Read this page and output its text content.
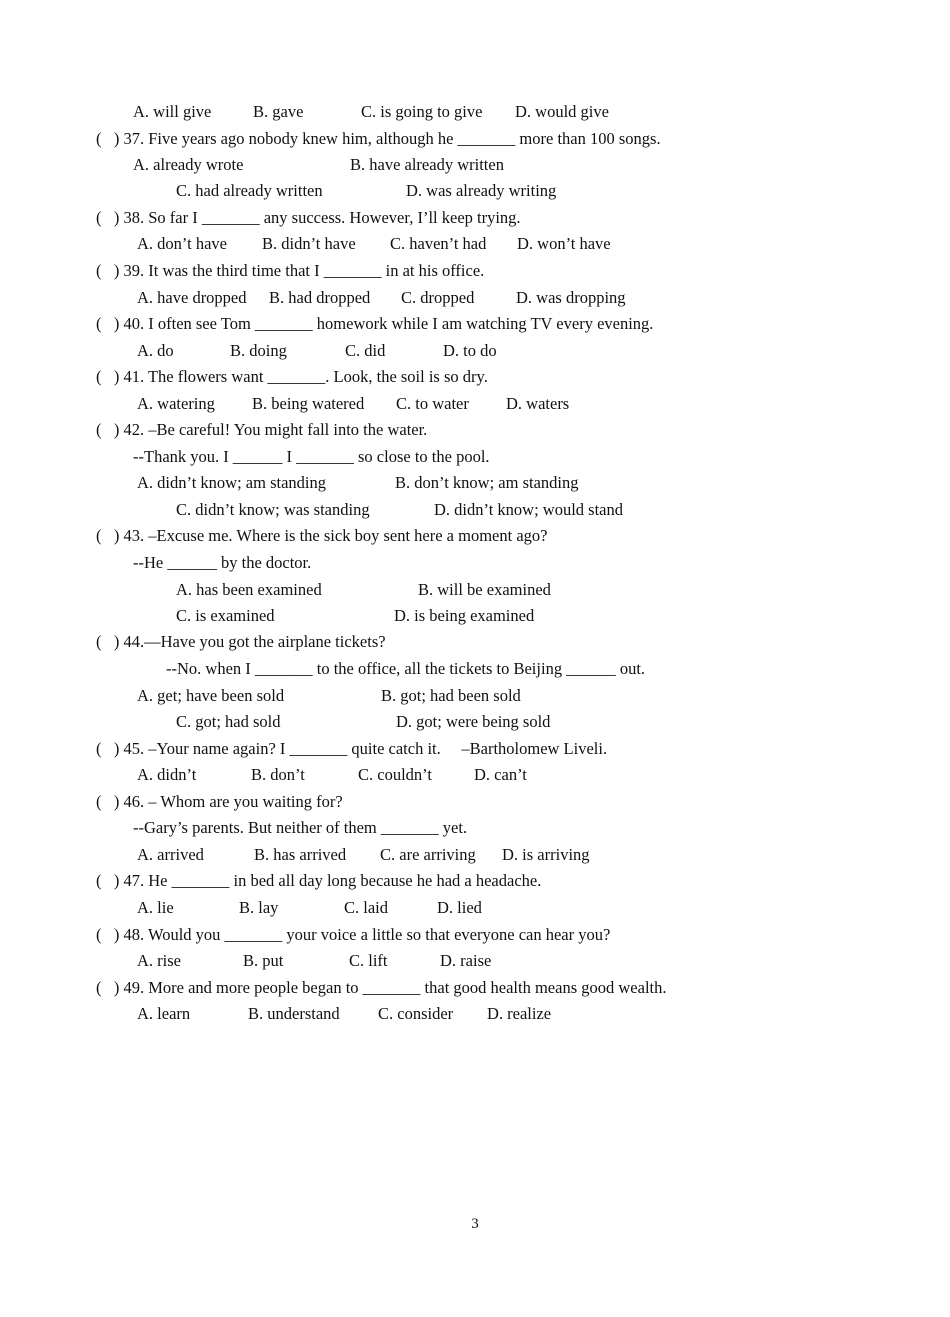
A. will give	B. gave	C. is going to give D. would give
(   ) 37. Five years ago nobody knew him, although he _______ more than 100 songs.
A. already wrote	B. have already written
C. had already written	D. was already writing
(   ) 38. So far I _______ any success. However, I’ll keep trying.
A. don’t have B. didn’t have C. haven’t had D. won’t have
(   ) 39. It was the third time that I _______ in at his office.
A. have dropped B. had dropped C. dropped	D. was dropping
(   ) 40. I often see Tom _______ homework while I am watching TV every evening.
A. do	B. doing	C. did	D. to do
(   ) 41. The flowers want _______. Look, the soil is so dry.
A. watering B. being watered C. to water D. waters
(   ) 42. –Be careful! You might fall into the water.
--Thank you. I ______ I _______ so close to the pool.
A. didn’t know; am standing	B. don’t know; am standing
C. didn’t know; was standing	D. didn’t know; would stand
(   ) 43. –Excuse me. Where is the sick boy sent here a moment ago?
--He ______ by the doctor.
A. has been examined	B. will be examined
C. is examined	D. is being examined
(   ) 44.—Have you got the airplane tickets?
--No. when I _______ to the office, all the tickets to Beijing ______ out.
A. get; have been sold	B. got; had been sold
C. got; had sold	D. got; were being sold
(   ) 45. –Your name again? I _______ quite catch it.     –Bartholomew Liveli.
A. didn’t	B. don’t	C. couldn’t	D. can’t
(   ) 46. – Whom are you waiting for?
--Gary’s parents. But neither of them _______ yet.
A. arrived	B. has arrived C. are arriving D. is arriving
(   ) 47. He _______ in bed all day long because he had a headache.
A. lie	B. lay	C. laid	D. lied
(   ) 48. Would you _______ your voice a little so that everyone can hear you?
A. rise	B. put	C. lift	D. raise
(   ) 49. More and more people began to _______ that good health means good wealth.
A. learn	B. understand C. consider D. realize
3
